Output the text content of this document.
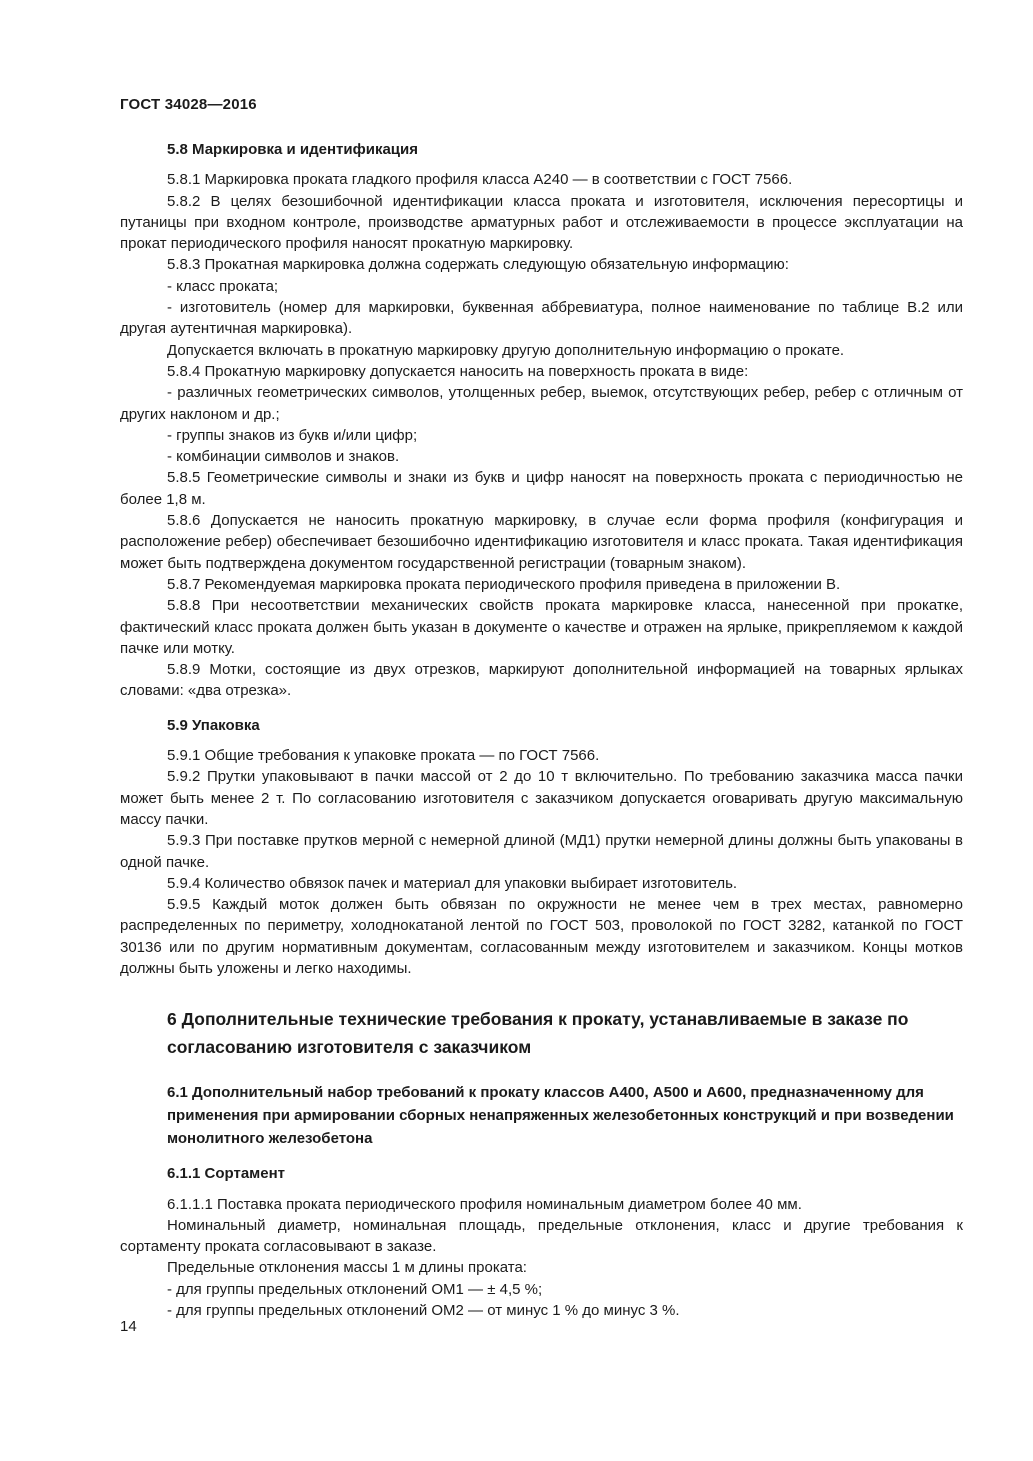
ГОСТ 34028—2016
5.8 Маркировка и идентификация

5.8.1 Маркировка проката гладкого профиля класса А240 — в соответствии с ГОСТ 7566.

5.8.2 В целях безошибочной идентификации класса проката и изготовителя, исключения пересортицы и путаницы при входном контроле, производстве арматурных работ и отслеживаемости в процессе эксплуатации на прокат периодического профиля наносят прокатную маркировку.

5.8.3 Прокатная маркировка должна содержать следующую обязательную информацию:

- класс проката;

- изготовитель (номер для маркировки, буквенная аббревиатура, полное наименование по таблице В.2 или другая аутентичная маркировка).

Допускается включать в прокатную маркировку другую дополнительную информацию о прокате.

5.8.4 Прокатную маркировку допускается наносить на поверхность проката в виде:

- различных геометрических символов, утолщенных ребер, выемок, отсутствующих ребер, ребер с отличным от других наклоном и др.;

- группы знаков из букв и/или цифр;

- комбинации символов и знаков.

5.8.5 Геометрические символы и знаки из букв и цифр наносят на поверхность проката с периодичностью не более 1,8 м.

5.8.6 Допускается не наносить прокатную маркировку, в случае если форма профиля (конфигурация и расположение ребер) обеспечивает безошибочно идентификацию изготовителя и класс проката. Такая идентификация может быть подтверждена документом государственной регистрации (товарным знаком).

5.8.7 Рекомендуемая маркировка проката периодического профиля приведена в приложении В.

5.8.8 При несоответствии механических свойств проката маркировке класса, нанесенной при прокатке, фактический класс проката должен быть указан в документе о качестве и отражен на ярлыке, прикрепляемом к каждой пачке или мотку.

5.8.9 Мотки, состоящие из двух отрезков, маркируют дополнительной информацией на товарных ярлыках словами: «два отрезка».

5.9 Упаковка

5.9.1 Общие требования к упаковке проката — по ГОСТ 7566.

5.9.2 Прутки упаковывают в пачки массой от 2 до 10 т включительно. По требованию заказчика масса пачки может быть менее 2 т. По согласованию изготовителя с заказчиком допускается оговаривать другую максимальную массу пачки.

5.9.3 При поставке прутков мерной с немерной длиной (МД1) прутки немерной длины должны быть упакованы в одной пачке.

5.9.4 Количество обвязок пачек и материал для упаковки выбирает изготовитель.

5.9.5 Каждый моток должен быть обвязан по окружности не менее чем в трех местах, равномерно распределенных по периметру, холоднокатаной лентой по ГОСТ 503, проволокой по ГОСТ 3282, катанкой по ГОСТ 30136 или по другим нормативным документам, согласованным между изготовителем и заказчиком. Концы мотков должны быть уложены и легко находимы.

6 Дополнительные технические требования к прокату, устанавливаемые в заказе по согласованию изготовителя с заказчиком
6.1 Дополнительный набор требований к прокату классов А400, А500 и А600, предназначенному для применения при армировании сборных ненапряженных железобетонных конструкций и при возведении монолитного железобетона
6.1.1 Сортамент

6.1.1.1 Поставка проката периодического профиля номинальным диаметром более 40 мм.

Номинальный диаметр, номинальная площадь, предельные отклонения, класс и другие требования к сортаменту проката согласовывают в заказе.

Предельные отклонения массы 1 м длины проката:

- для группы предельных отклонений ОМ1 — ± 4,5 %;

- для группы предельных отклонений ОМ2 — от минус 1 % до минус 3 %.

14
